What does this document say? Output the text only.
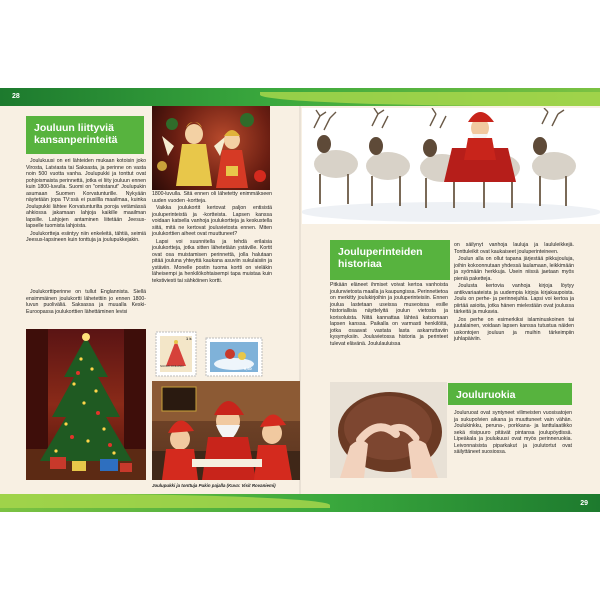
28
29
Jouluun liittyviä
kansanperinteitä

Joulukuusi on eri lähteiden mukaan kotoisin joko Virosta, Latviasta tai Saksasta, ja perinne on vasta noin 500 vuotta vanha. Joulupukki ja tonttut ovat pohjoismaista perinnettä, jotka ei liity jouluun ennen kuin 1800-luvulla. Suomi on "omistanut" Joulupukin asumaan Suomen Korvatunturille. Nykyään näytetään jopa TV:ssä ei pusillla maailmaa, kuinka Joulupukki lähtee Korvatunturilta poroja vetämässä ahkiossa jakamaan lahjoja kaikille maailman lapsille. Lahjojen antaminen liitetään Jeesus-lapselle tuomista lahjoista.

Joulukortteja esiintyy niin enkeleitä, tähtiä, seimiä Jeesus-lapsineen kuin tonttuja ja joulupukkejakin.

Joulukorttiperinne on tullut Englannista. Siellä ensimmäinen joulukortti lähetettiin jo ennen 1800-luvun puoliväliä. Saksassa ja muualla Keski-Euroopassa joulukorttien lähettäminen levisi

1800-luvulla. Sitä ennen oli lähetetty enimmäkseen uuden vuoden -kortteja.

Vaikka joulukortit kertovat paljon entisistä jouluperinteistä ja -kortteista. Lapsen kanssa voidaan katsella vanhoja joulukortteja ja keskustella siitä, mitä ne kertovat jouluvietosta ennen. Miten joulukorttien aiheet ovat muuttuneet?

Lapsi voi suunnitella ja tehdä erilaisia joulukortteja, jotka sitten lähetetään ystäville. Kortit ovat osa muistamisen perinnettä, jolla halutaan pitää jouluna yhteyttä kaukana asuviin sukulaisiin ja ystäviin. Monelle postin tuoma kortti on vieläkin läheisempi ja henkilökohtaisempi tapa muistaa kuin tekstiviesti tai sähköinen kortti.

SUOMI FINLAND
1 k
0,60
Joulupukki ja tonttuja Pukin pajalla (Kuva: Visit Rovaniemi)
Jouluperinteiden
historiaa

Pitkään eläneet ihmiset voivat kertoa vanhoista joulunvietosta maalla ja kaupungissa. Perinnetietoa on merkitty joulukirjoihin ja jouluperinteisiin. Ennen joulua lastetaan useissa museoissa esille historiallisia näyttelyitä joulun vietosta ja korisoluista. Niitä kannattaa lähteä katsomaan lapsen kanssa. Paikalla on varmasti henkilöitä, jotka osaavat vastata lasta askarruttaviin kysymyksiin. Jouluvietossa historia ja perinteet tulevat elävänä. Joululauluissa

on säilynyt vanhoja lauluja ja laululeikkejä. Tonttuleikit ovat kaukaiseet jouluperinteineen.

Joulun alla on ollut tapana järjestää pikkujouluja, joihin kokoonnutaan yhdessä laulamaan, leikkimään ja syömään herkkuja. Usein niissä jaetaan myös pieniä paketteja.

Joulusta kertovia vanhoja kirjoja löytyy antikvariaateista ja uudempia kirjoja kirjakaupoista. Joulu on perhe- ja perinnejuhla. Lapsi voi kertoa ja piirtää asioita, jotka hänen mielestään ovat joulussa tärkeitä ja mukavia.

Jos perhe on esimerkiksi islaminuskoinen tai juutalainen, voidaan lapsen kanssa tutustua näiden uskontojen jouluun ja muihin tärkeimpiin juhlapäiviin.

Jouluruokia

Jouluruoat ovat syntyneet vilimeisten vuosisatojen ja sukupolvien aikana ja muuttuneet vain vähän. Joulukinkku, peruna-, porkkana- ja lanttulaatikko sekä riisipuuro pitävät pintansa joulupöydissä. Lipeäkala ja joulukuusi ovat myös perinneruokia. Leivonnaisista piparkakut ja joulutortut ovat säilyttäneet suosiossa.
